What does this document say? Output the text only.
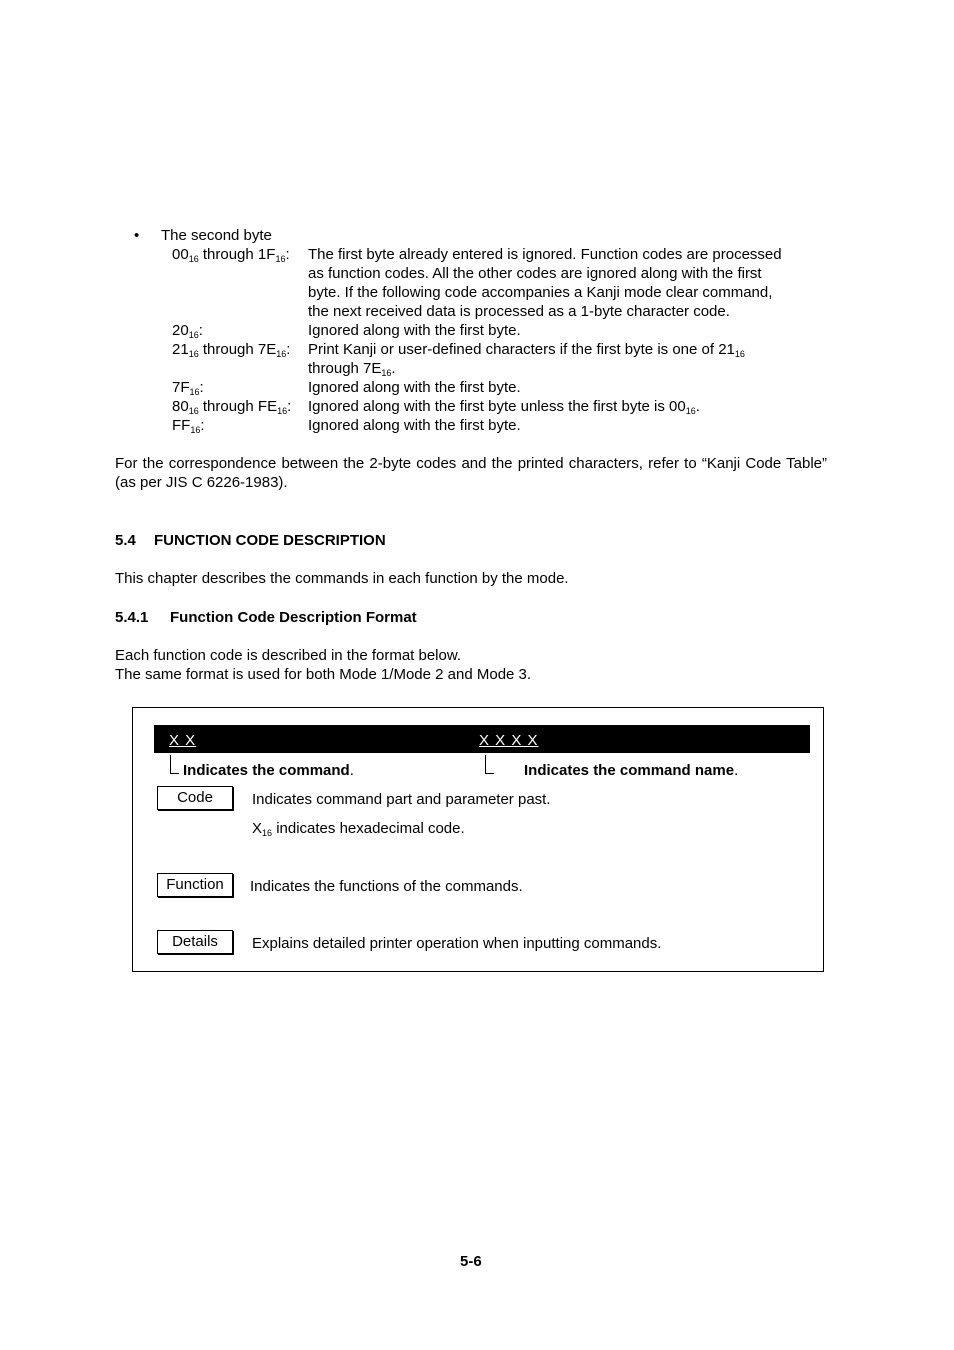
• The second byte
$00_{16}$ through $1F_{16}$: The first byte already entered is ignored. Function codes are processed
as function codes. All the other codes are ignored along with the first
byte. If the following code accompanies a Kanji mode clear command,
the next received data is processed as a 1-byte character code.
$20_{16}$:	Ignored along with the first byte.
$21_{16}$ through $7E_{16}$: Print Kanji or user-defined characters if the first byte is one of $21_{16}$
through $7E_{16}$.
$7F_{16}$:	Ignored along with the first byte.
$80_{16}$ through $FE_{16}$: Ignored along with the first byte unless the first byte is $00_{16}$.
$FF_{16}$:	Ignored along with the first byte.
For the correspondence between the 2-byte codes and the printed characters, refer to “Kanji Code Table” (as per JIS C 6226-1983).
5.4 FUNCTION CODE DESCRIPTION
This chapter describes the commands in each function by the mode.
5.4.1 Function Code Description Format
Each function code is described in the format below.
The same format is used for both Mode 1/Mode 2 and Mode 3.
X X	X X X X
Indicates the command.	Indicates the command name.
Code	Indicates command part and parameter past.
$X_{16}$ indicates hexadecimal code.
Function	Indicates the functions of the commands.
Details	Explains detailed printer operation when inputting commands.
5-6
